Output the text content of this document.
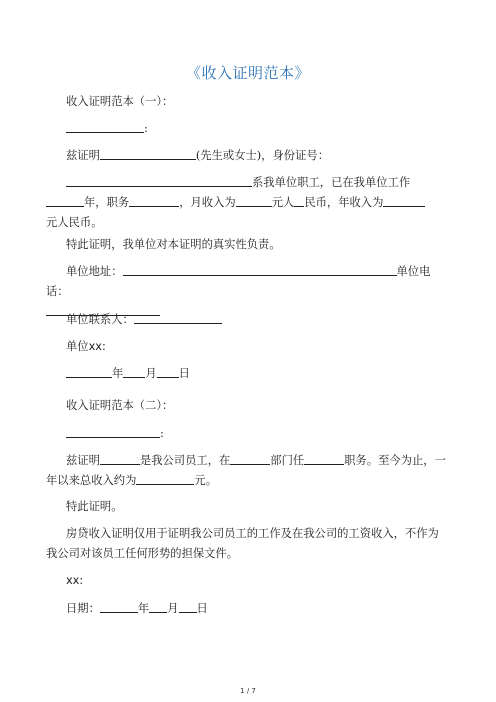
《收入证明范本》
收入证明范本（一）：
:
兹证明	(先生或女士)，身份证号：
系我单位职工，已在我单位工作
年，职务	，月收入为	元人 民币，年收入为
元人民币。
特此证明，我单位对本证明的真实性负责。
单位地址：	单位电话：

单位联系人：
单位xx:
年 月 日
收入证明范本（二）：
:
兹证明	是我公司员工，在	部门任	职务。至今为止，一年以来总收入约为	元。
特此证明。
房贷收入证明仅用于证明我公司员工的工作及在我公司的工资收入，不作为我公司对该员工任何形势的担保文件。
xx:
日期：	年 月 日
1 / 7
